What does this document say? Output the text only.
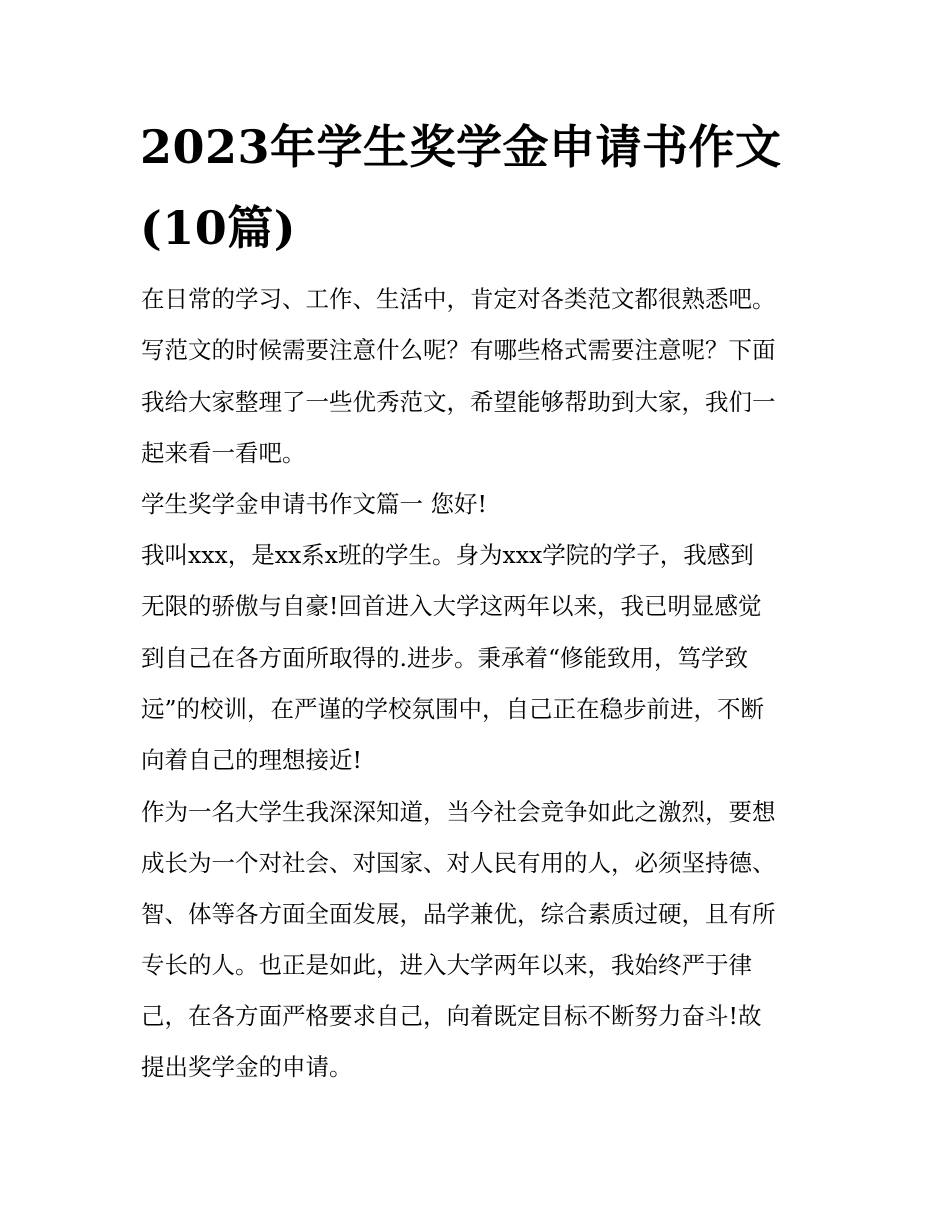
2023年学生奖学金申请书作文
(10篇)
在日常的学习、工作、生活中，肯定对各类范文都很熟悉吧。
写范文的时候需要注意什么呢？有哪些格式需要注意呢？下面
我给大家整理了一些优秀范文，希望能够帮助到大家，我们一
起来看一看吧。
学生奖学金申请书作文篇一 您好!
我叫xxx，是xx系x班的学生。身为xxx学院的学子，我感到
无限的骄傲与自豪!回首进入大学这两年以来，我已明显感觉
到自己在各方面所取得的.进步。秉承着“修能致用，笃学致
远”的校训，在严谨的学校氛围中，自己正在稳步前进，不断
向着自己的理想接近!
作为一名大学生我深深知道，当今社会竞争如此之激烈，要想
成长为一个对社会、对国家、对人民有用的人，必须坚持德、
智、体等各方面全面发展，品学兼优，综合素质过硬，且有所
专长的人。也正是如此，进入大学两年以来，我始终严于律
己，在各方面严格要求自己，向着既定目标不断努力奋斗!故
提出奖学金的申请。
